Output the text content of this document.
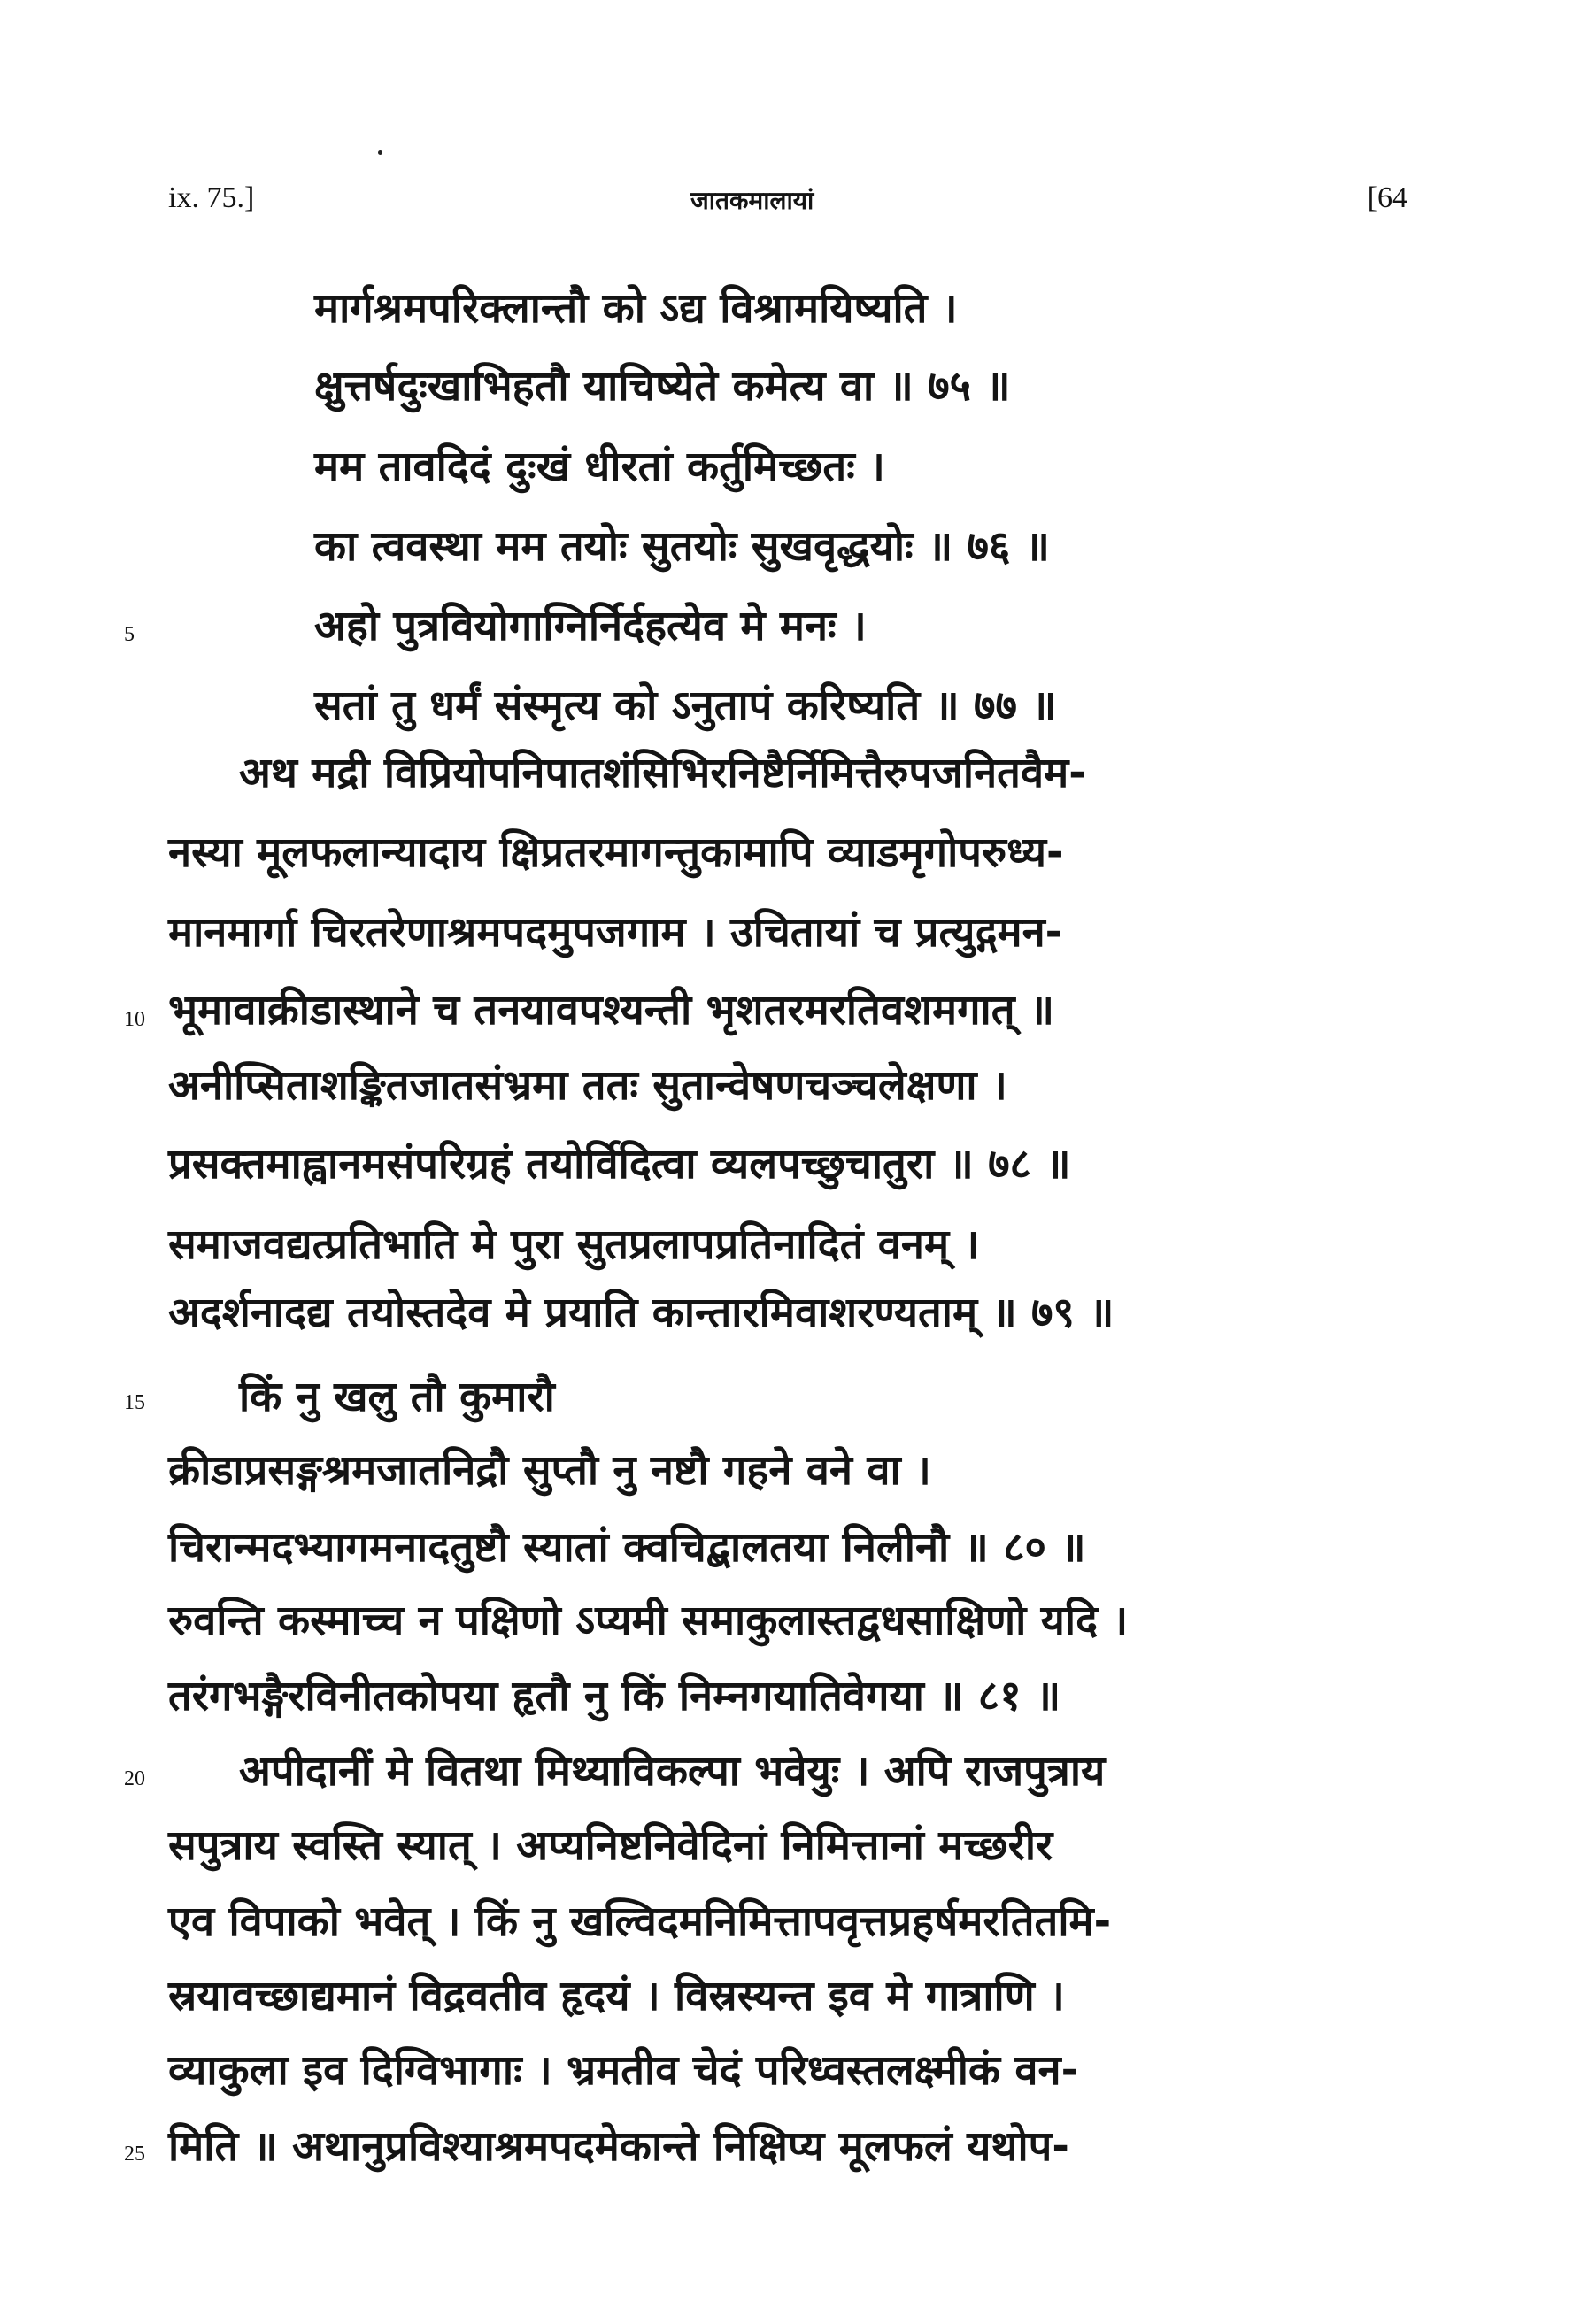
ix. 75.]	जातकमालायां	[64
मार्गश्रमपरिक्लान्तौ को ऽद्य विश्रामयिष्यति ।
क्षुत्तर्षदुःखाभिहतौ याचिष्येते कमेत्य वा ॥ ७५ ॥
मम तावदिदं दुःखं धीरतां कर्तुमिच्छतः ।
का त्ववस्था मम तयोः सुतयोः सुखवृद्धयोः ॥ ७६ ॥
अहो पुत्रवियोगाग्निर्निर्दहत्येव मे मनः ।
सतां तु धर्मं संस्मृत्य को ऽनुतापं करिष्यति ॥ ७७ ॥
अथ मद्री विप्रियोपनिपातशंसिभिरनिष्टैर्निमित्तैरुपजनितवैम-
नस्या मूलफलान्यादाय क्षिप्रतरमागन्तुकामापि व्याडमृगोपरुध्य-
मानमार्गा चिरतरेणाश्रमपदमुपजगाम । उचितायां च प्रत्युद्गमन-
भूमावाक्रीडास्थाने च तनयावपश्यन्ती भृशतरमरतिवशमगात् ॥
अनीप्सिताशङ्कितजातसंभ्रमा ततः सुतान्वेषणचञ्चलेक्षणा ।
प्रसक्तमाह्वानमसंपरिग्रहं तयोर्विदित्वा व्यलपच्छुचातुरा ॥ ७८ ॥
समाजवद्यत्प्रतिभाति मे पुरा सुतप्रलापप्रतिनादितं वनम् ।
अदर्शनादद्य तयोस्तदेव मे प्रयाति कान्तारमिवाशरण्यताम् ॥ ७९ ॥
किं नु खलु तौ कुमारौ
क्रीडाप्रसङ्गश्रमजातनिद्रौ सुप्तौ नु नष्टौ गहने वने वा ।
चिरान्मदभ्यागमनादतुष्टौ स्यातां क्वचिद्बालतया निलीनौ ॥ ८० ॥
रुवन्ति कस्माच्च न पक्षिणो ऽप्यमी समाकुलास्तद्वधसाक्षिणो यदि ।
तरंगभङ्गैरविनीतकोपया हृतौ नु किं निम्नगयातिवेगया ॥ ८१ ॥
अपीदानीं मे वितथा मिथ्याविकल्पा भवेयुः । अपि राजपुत्राय
सपुत्राय स्वस्ति स्यात् । अप्यनिष्टनिवेदिनां निमित्तानां मच्छरीर
एव विपाको भवेत् । किं नु खल्विदमनिमित्तापवृत्तप्रहर्षमरतितमि-
स्रयावच्छाद्यमानं विद्रवतीव हृदयं । विस्रस्यन्त इव मे गात्राणि ।
व्याकुला इव दिग्विभागाः । भ्रमतीव चेदं परिध्वस्तलक्ष्मीकं वन-
मिति ॥ अथानुप्रविश्याश्रमपदमेकान्ते निक्षिप्य मूलफलं यथोप-
5
10
15
20
25
